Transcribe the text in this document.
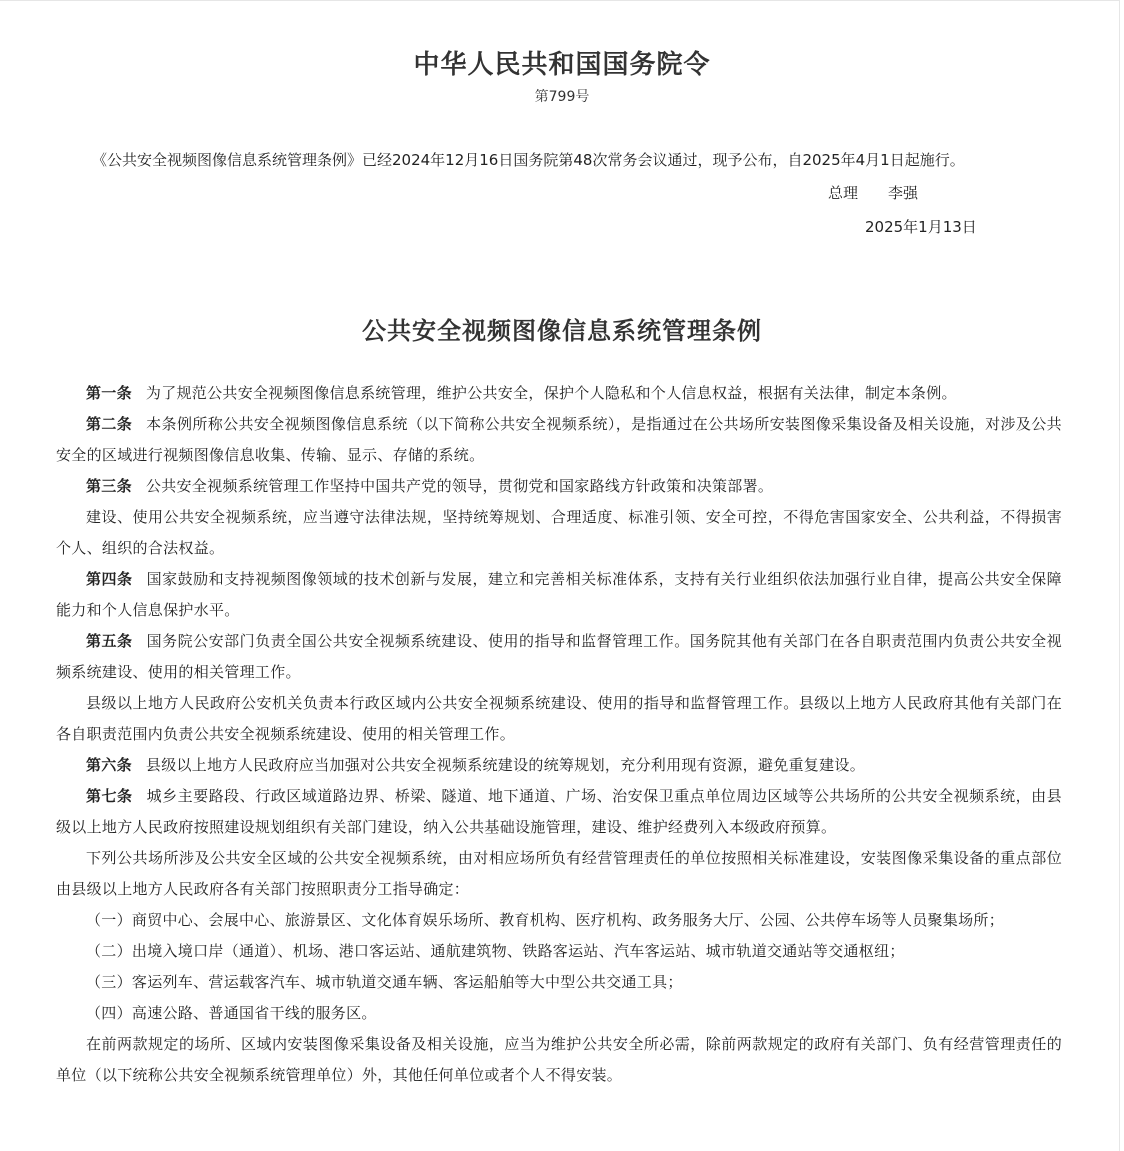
中华人民共和国国务院令
第799号
《公共安全视频图像信息系统管理条例》已经2024年12月16日国务院第48次常务会议通过，现予公布，自2025年4月1日起施行。
总理 李强
2025年1月13日
公共安全视频图像信息系统管理条例

第一条 为了规范公共安全视频图像信息系统管理，维护公共安全，保护个人隐私和个人信息权益，根据有关法律，制定本条例。

第二条 本条例所称公共安全视频图像信息系统（以下简称公共安全视频系统），是指通过在公共场所安装图像采集设备及相关设施，对涉及公共安全的区域进行视频图像信息收集、传输、显示、存储的系统。

第三条 公共安全视频系统管理工作坚持中国共产党的领导，贯彻党和国家路线方针政策和决策部署。

建设、使用公共安全视频系统，应当遵守法律法规，坚持统筹规划、合理适度、标准引领、安全可控，不得危害国家安全、公共利益，不得损害个人、组织的合法权益。

第四条 国家鼓励和支持视频图像领域的技术创新与发展，建立和完善相关标准体系，支持有关行业组织依法加强行业自律，提高公共安全保障能力和个人信息保护水平。

第五条 国务院公安部门负责全国公共安全视频系统建设、使用的指导和监督管理工作。国务院其他有关部门在各自职责范围内负责公共安全视频系统建设、使用的相关管理工作。

县级以上地方人民政府公安机关负责本行政区域内公共安全视频系统建设、使用的指导和监督管理工作。县级以上地方人民政府其他有关部门在各自职责范围内负责公共安全视频系统建设、使用的相关管理工作。

第六条 县级以上地方人民政府应当加强对公共安全视频系统建设的统筹规划，充分利用现有资源，避免重复建设。

第七条 城乡主要路段、行政区域道路边界、桥梁、隧道、地下通道、广场、治安保卫重点单位周边区域等公共场所的公共安全视频系统，由县级以上地方人民政府按照建设规划组织有关部门建设，纳入公共基础设施管理，建设、维护经费列入本级政府预算。

下列公共场所涉及公共安全区域的公共安全视频系统，由对相应场所负有经营管理责任的单位按照相关标准建设，安装图像采集设备的重点部位由县级以上地方人民政府各有关部门按照职责分工指导确定：

（一）商贸中心、会展中心、旅游景区、文化体育娱乐场所、教育机构、医疗机构、政务服务大厅、公园、公共停车场等人员聚集场所；

（二）出境入境口岸（通道）、机场、港口客运站、通航建筑物、铁路客运站、汽车客运站、城市轨道交通站等交通枢纽；

（三）客运列车、营运载客汽车、城市轨道交通车辆、客运船舶等大中型公共交通工具；

（四）高速公路、普通国省干线的服务区。

在前两款规定的场所、区域内安装图像采集设备及相关设施，应当为维护公共安全所必需，除前两款规定的政府有关部门、负有经营管理责任的单位（以下统称公共安全视频系统管理单位）外，其他任何单位或者个人不得安装。
